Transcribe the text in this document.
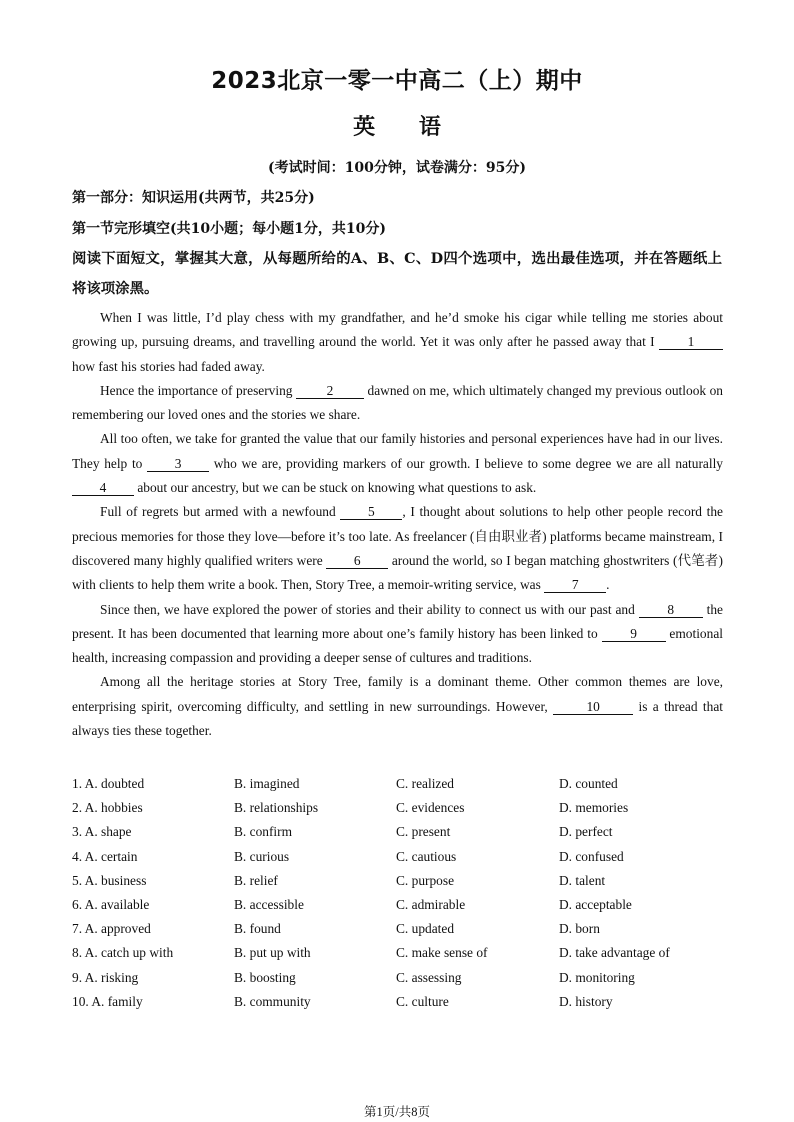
2023北京一零一中高二（上）期中
英 语
(考试时间：100分钟，试卷满分：95分)
第一部分：知识运用(共两节，共25分)
第一节完形填空(共10小题；每小题1分，共10分)
阅读下面短文，掌握其大意，从每题所给的A、B、C、D四个选项中，选出最佳选项，并在答题纸上将该项涂黑。

When I was little, I’d play chess with my grandfather, and he’d smoke his cigar while telling me stories about growing up, pursuing dreams, and travelling around the world. Yet it was only after he passed away that I 1 how fast his stories had faded away.

Hence the importance of preserving 2 dawned on me, which ultimately changed my previous outlook on remembering our loved ones and the stories we share.

All too often, we take for granted the value that our family histories and personal experiences have had in our lives. They help to 3 who we are, providing markers of our growth. I believe to some degree we are all naturally 4 about our ancestry, but we can be stuck on knowing what questions to ask.

Full of regrets but armed with a newfound 5 , I thought about solutions to help other people record the precious memories for those they love—before it’s too late. As freelancer (自由职业者) platforms became mainstream, I discovered many highly qualified writers were 6 around the world, so I began matching ghostwriters (代笔者) with clients to help them write a book. Then, Story Tree, a memoir-writing service, was 7 .

Since then, we have explored the power of stories and their ability to connect us with our past and 8 the present. It has been documented that learning more about one’s family history has been linked to 9 emotional health, increasing compassion and providing a deeper sense of cultures and traditions.

Among all the heritage stories at Story Tree, family is a dominant theme. Other common themes are love, enterprising spirit, overcoming difficulty, and settling in new surroundings. However, 10 is a thread that always ties these together.

1. A. doubted	B. imagined	C. realized	D. counted
2. A. hobbies	B. relationships	C. evidences	D. memories
3. A. shape	B. confirm	C. present	D. perfect
4. A. certain	B. curious	C. cautious	D. confused
5. A. business	B. relief	C. purpose	D. talent
6. A. available	B. accessible	C. admirable	D. acceptable
7. A. approved	B. found	C. updated	D. born
8. A. catch up with	B. put up with	C. make sense of	D. take advantage of
9. A. risking	B. boosting	C. assessing	D. monitoring
10. A. family	B. community	C. culture	D. history
第1页/共8页
